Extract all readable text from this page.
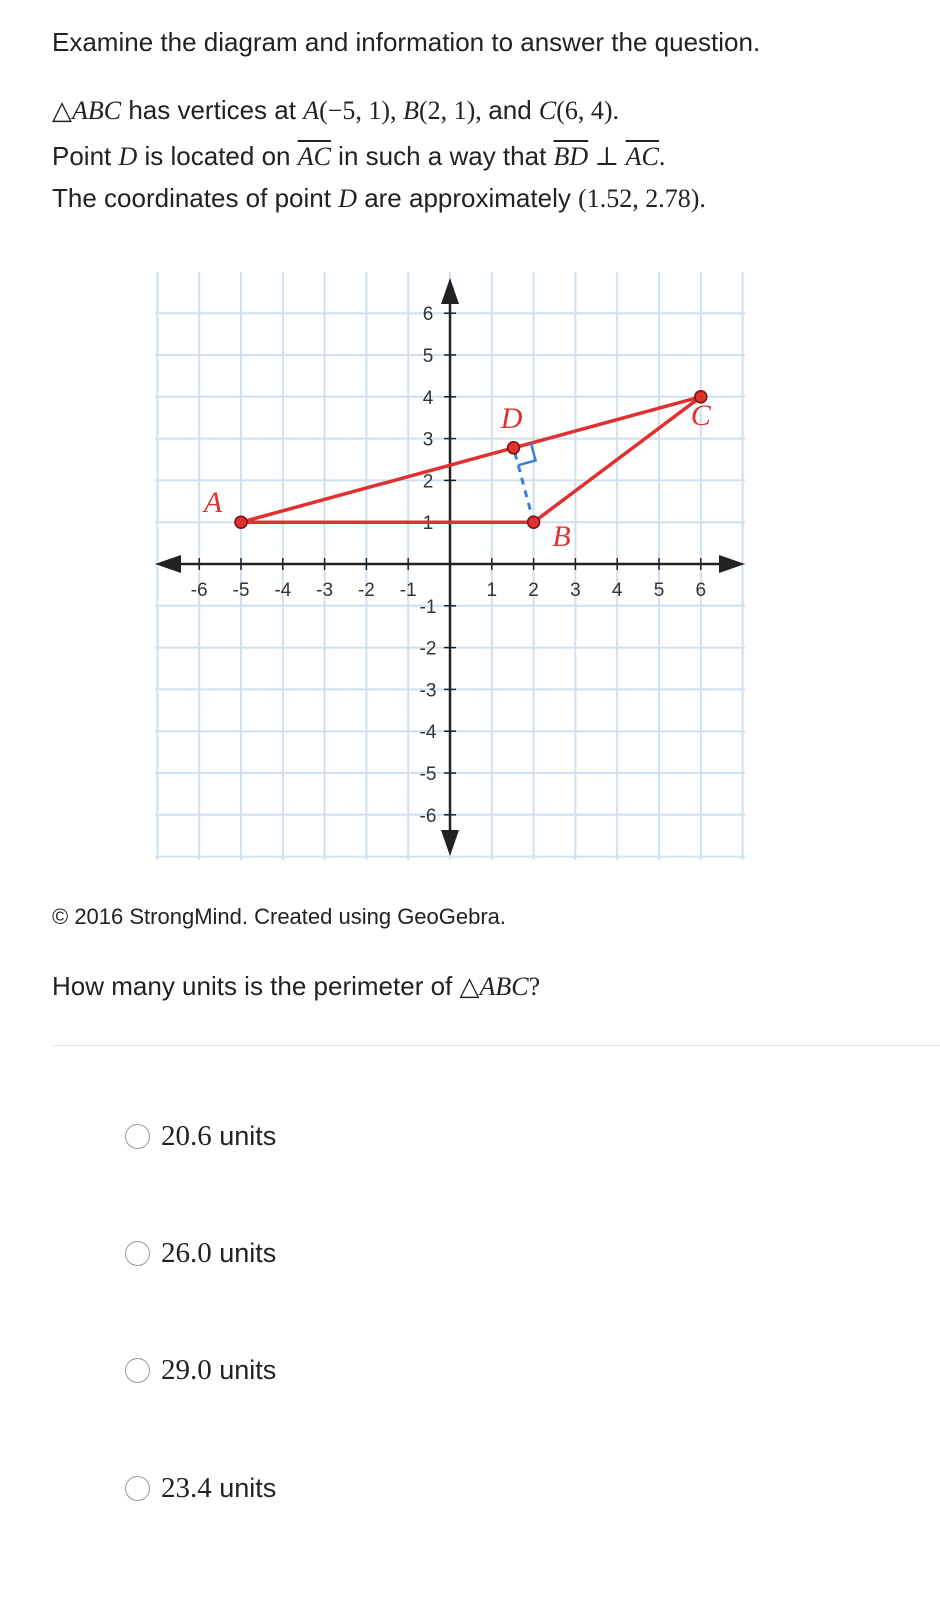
Examine the diagram and information to answer the question.
△ABC has vertices at A(−5, 1), B(2, 1), and C(6, 4).
Point D is located on $\overline{AC}$ in such a way that $\overline{BD}$ ⊥ $\overline{AC}$.
The coordinates of point D are approximately (1.52, 2.78).
-6 -5 -4 -3 -2 -1	1 2 3 4 5 6
1
2
3
4
5
6
-1
-2
-3
-4
-5
-6
A
B
C
D
© 2016 StrongMind. Created using GeoGebra.
How many units is the perimeter of △ABC?
20.6 units
26.0 units
29.0 units
23.4 units
